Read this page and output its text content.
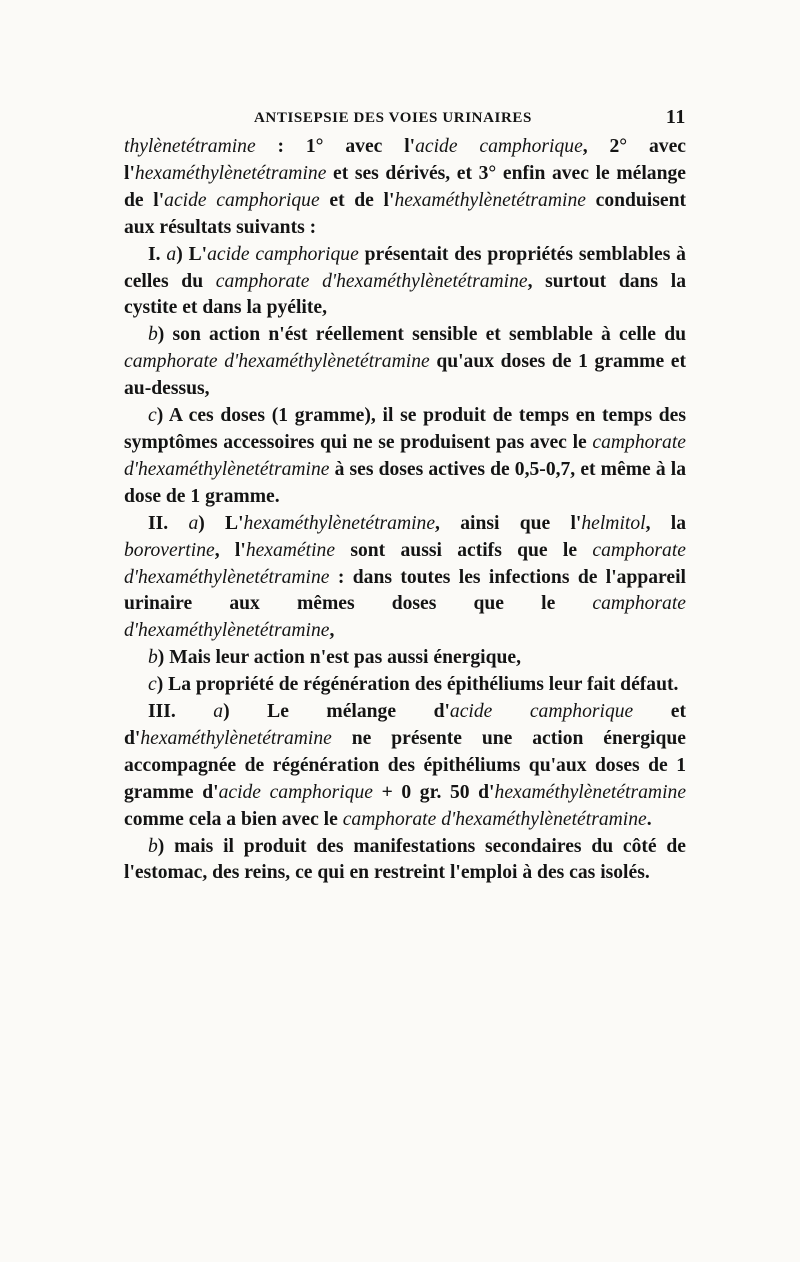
ANTISEPSIE DES VOIES URINAIRES	11

thylènetétramine : 1° avec l'acide camphorique, 2° avec l'hexaméthylènetétramine et ses dérivés, et 3° enfin avec le mélange de l'acide camphorique et de l'hexaméthylènetétramine conduisent aux résultats suivants :

I. a) L'acide camphorique présentait des propriétés semblables à celles du camphorate d'hexaméthylènetétramine, surtout dans la cystite et dans la pyélite,

b) son action n'ést réellement sensible et semblable à celle du camphorate d'hexaméthylènetétramine qu'aux doses de 1 gramme et au-dessus,

c) A ces doses (1 gramme), il se produit de temps en temps des symptômes accessoires qui ne se produisent pas avec le camphorate d'hexaméthylènetétramine à ses doses actives de 0,5-0,7, et même à la dose de 1 gramme.

II. a) L'hexaméthylènetétramine, ainsi que l'helmitol, la borovertine, l'hexamétine sont aussi actifs que le camphorate d'hexaméthylènetétramine : dans toutes les infections de l'appareil urinaire aux mêmes doses que le camphorate d'hexaméthylènetétramine,

b) Mais leur action n'est pas aussi énergique,

c) La propriété de régénération des épithéliums leur fait défaut.

III. a) Le mélange d'acide camphorique et d'hexaméthylènetétramine ne présente une action énergique accompagnée de régénération des épithéliums qu'aux doses de 1 gramme d'acide camphorique + 0 gr. 50 d'hexaméthylènetétramine comme cela a bien avec le camphorate d'hexaméthylènetétramine.

b) mais il produit des manifestations secondaires du côté de l'estomac, des reins, ce qui en restreint l'emploi à des cas isolés.
